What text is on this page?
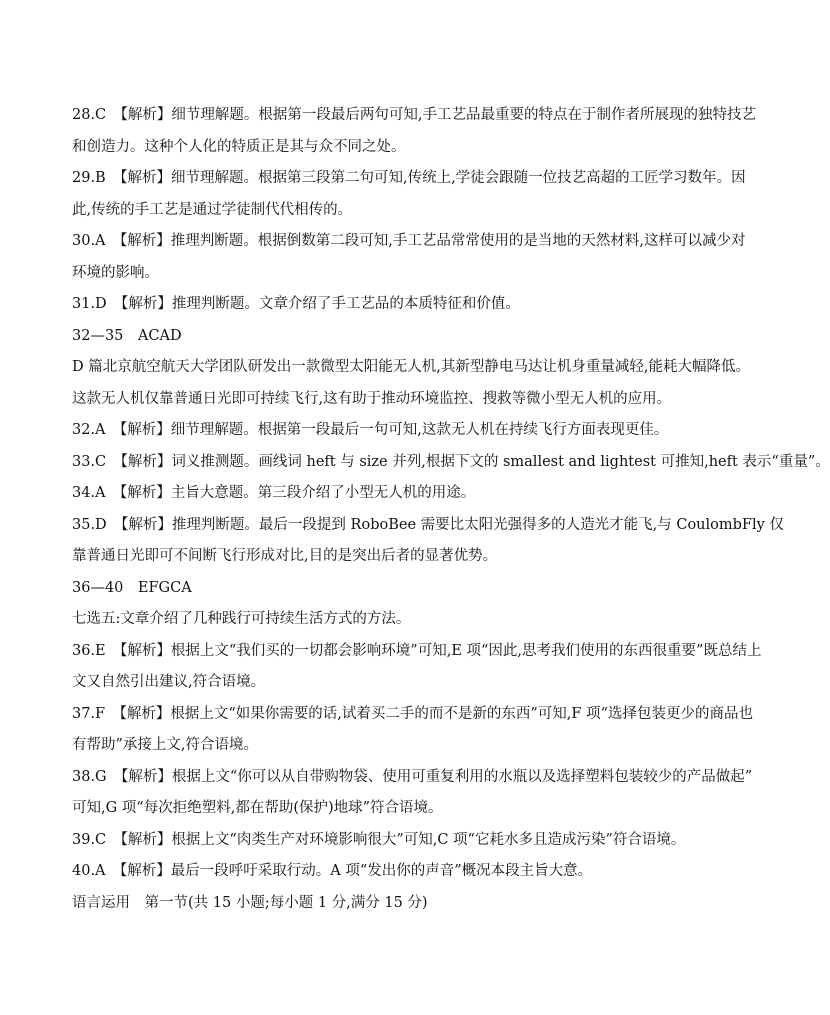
28.C　【解析】细节理解题。根据第一段最后两句可知,手工艺品最重要的特点在于制作者所展现的独特技艺
和创造力。这种个人化的特质正是其与众不同之处。
29.B　【解析】细节理解题。根据第三段第二句可知,传统上,学徒会跟随一位技艺高超的工匠学习数年。因
此,传统的手工艺是通过学徒制代代相传的。
30.A　【解析】推理判断题。根据倒数第二段可知,手工艺品常常使用的是当地的天然材料,这样可以减少对
环境的影响。
31.D　【解析】推理判断题。文章介绍了手工艺品的本质特征和价值。
32—35　ACAD
D 篇北京航空航天大学团队研发出一款微型太阳能无人机,其新型静电马达让机身重量减轻,能耗大幅降低。
这款无人机仅靠普通日光即可持续飞行,这有助于推动环境监控、搜救等微小型无人机的应用。
32.A　【解析】细节理解题。根据第一段最后一句可知,这款无人机在持续飞行方面表现更佳。
33.C　【解析】词义推测题。画线词 heft 与 size 并列,根据下文的 smallest and lightest 可推知,heft 表示“重量”。
34.A　【解析】主旨大意题。第三段介绍了小型无人机的用途。
35.D　【解析】推理判断题。最后一段提到 RoboBee 需要比太阳光强得多的人造光才能飞,与 CoulombFly 仅
靠普通日光即可不间断飞行形成对比,目的是突出后者的显著优势。
36—40　EFGCA
七选五:文章介绍了几种践行可持续生活方式的方法。
36.E　【解析】根据上文“我们买的一切都会影响环境”可知,E 项“因此,思考我们使用的东西很重要”既总结上
文又自然引出建议,符合语境。
37.F　【解析】根据上文“如果你需要的话,试着买二手的而不是新的东西”可知,F 项“选择包装更少的商品也
有帮助”承接上文,符合语境。
38.G　【解析】根据上文“你可以从自带购物袋、使用可重复利用的水瓶以及选择塑料包装较少的产品做起”
可知,G 项“每次拒绝塑料,都在帮助(保护)地球”符合语境。
39.C　【解析】根据上文“肉类生产对环境影响很大”可知,C 项“它耗水多且造成污染”符合语境。
40.A　【解析】最后一段呼吁采取行动。A 项“发出你的声音”概况本段主旨大意。
语言运用　第一节(共 15 小题;每小题 1 分,满分 15 分)
